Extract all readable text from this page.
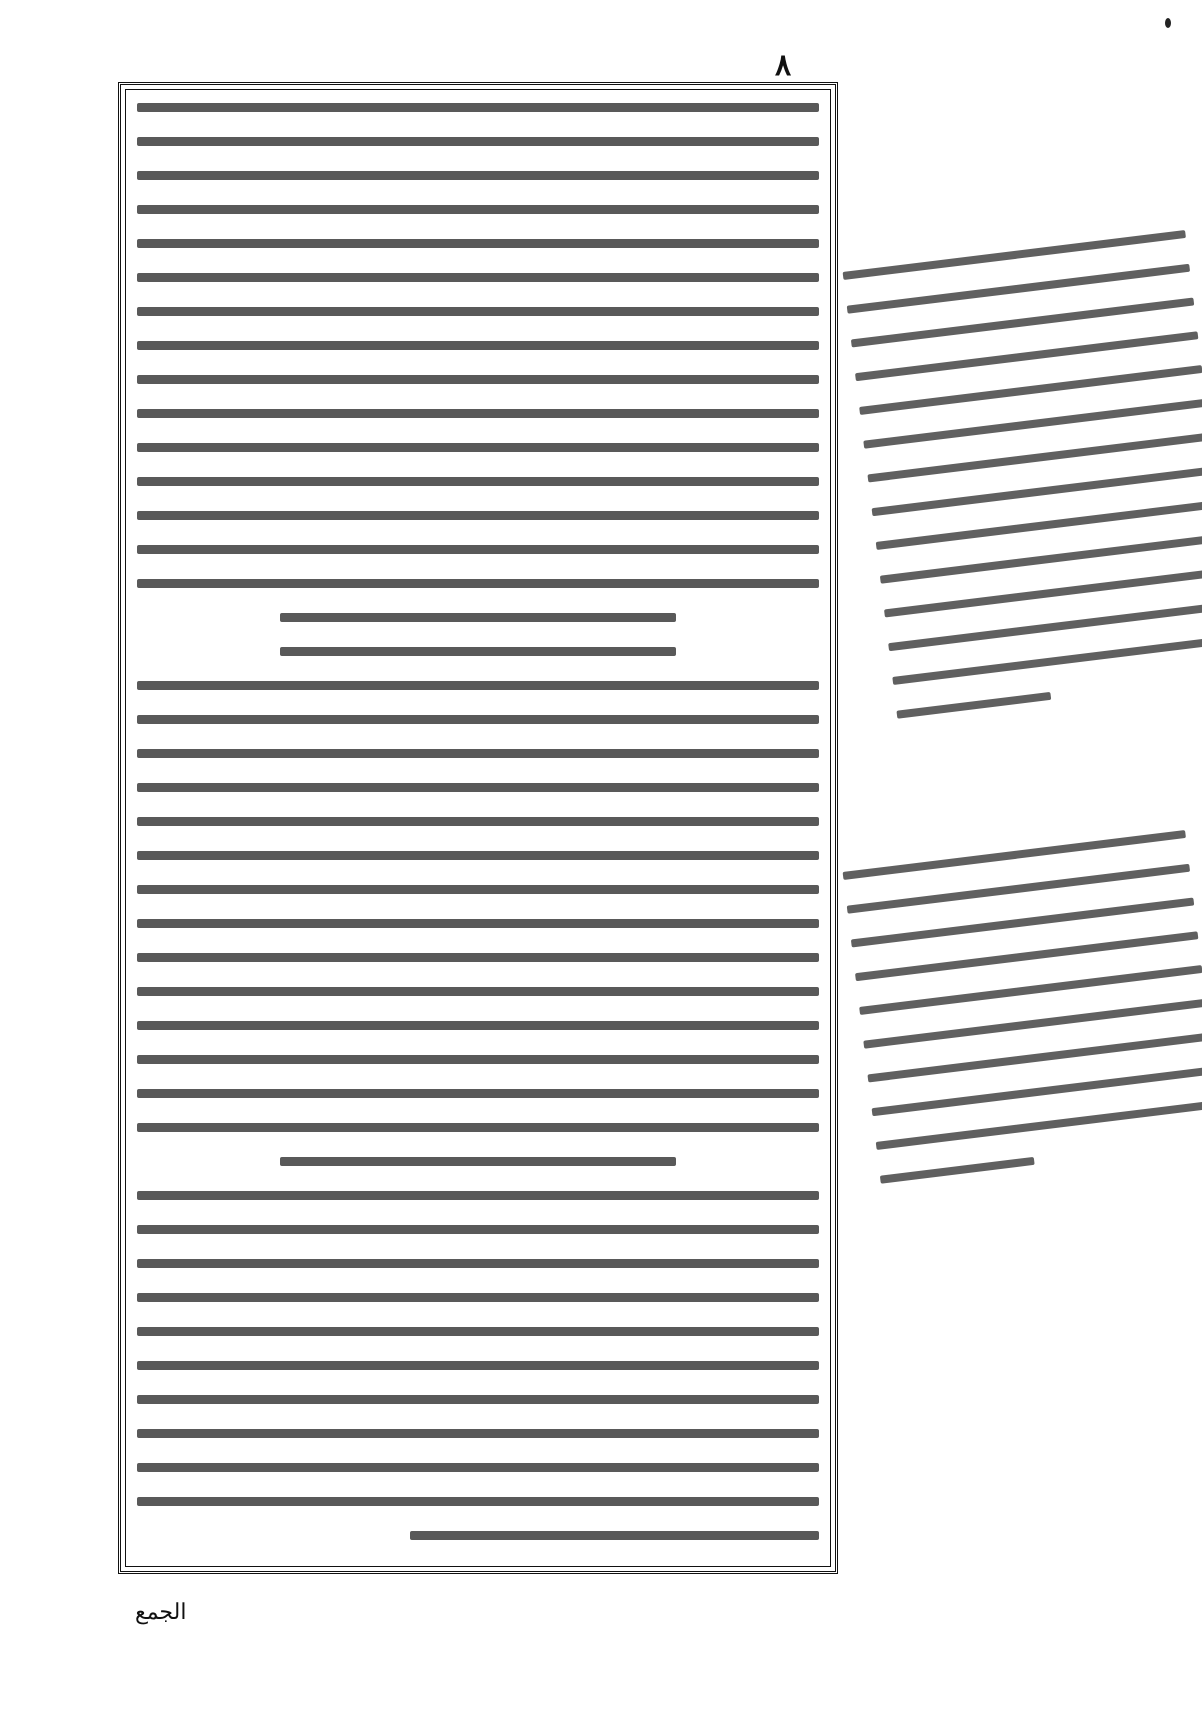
٨
الجمع
